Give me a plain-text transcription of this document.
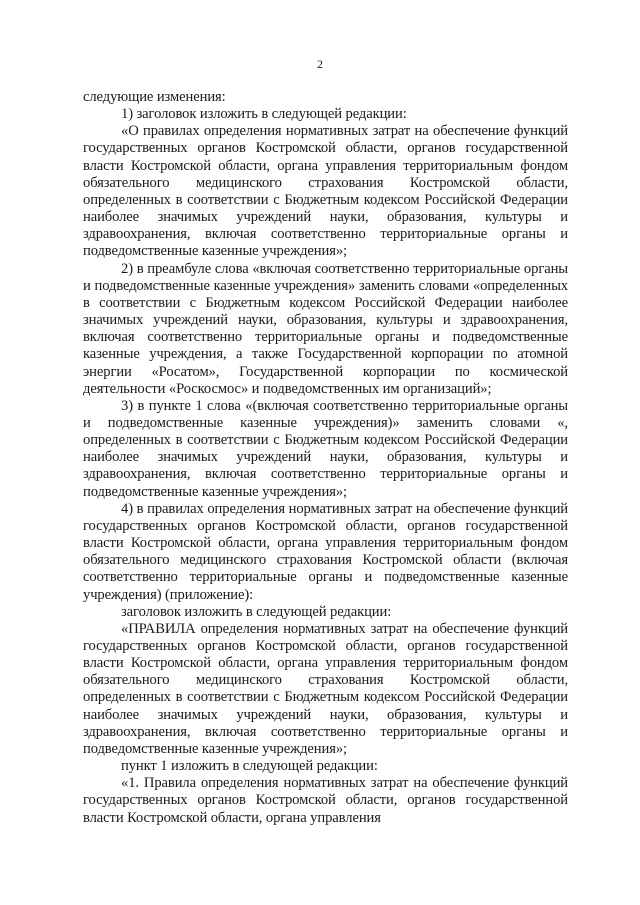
2

следующие изменения:

1) заголовок изложить в следующей редакции:

«О правилах определения нормативных затрат на обеспечение функций государственных органов Костромской области, органов государственной власти Костромской области, органа управления территориальным фондом обязательного медицинского страхования Костромской области, определенных в соответствии с Бюджетным кодексом Российской Федерации наиболее значимых учреждений науки, образования, культуры и здравоохранения, включая соответственно территориальные органы и подведомственные казенные учреждения»;

2) в преамбуле слова «включая соответственно территориальные органы и подведомственные казенные учреждения» заменить словами «определенных в соответствии с Бюджетным кодексом Российской Федерации наиболее значимых учреждений науки, образования, культуры и здравоохранения, включая соответственно территориальные органы и подведомственные казенные учреждения, а также Государственной корпорации по атомной энергии «Росатом», Государственной корпорации по космической деятельности «Роскосмос» и подведомственных им организаций»;

3) в пункте 1 слова «(включая соответственно территориальные органы и подведомственные казенные учреждения)» заменить словами «, определенных в соответствии с Бюджетным кодексом Российской Федерации наиболее значимых учреждений науки, образования, культуры и здравоохранения, включая соответственно территориальные органы и подведомственные казенные учреждения»;

4) в правилах определения нормативных затрат на обеспечение функций государственных органов Костромской области, органов государственной власти Костромской области, органа управления территориальным фондом обязательного медицинского страхования Костромской области (включая соответственно территориальные органы и подведомственные казенные учреждения) (приложение):

заголовок изложить в следующей редакции:

«ПРАВИЛА определения нормативных затрат на обеспечение функций государственных органов Костромской области, органов государственной власти Костромской области, органа управления территориальным фондом обязательного медицинского страхования Костромской области, определенных в соответствии с Бюджетным кодексом Российской Федерации наиболее значимых учреждений науки, образования, культуры и здравоохранения, включая соответственно территориальные органы и подведомственные казенные учреждения»;

пункт 1 изложить в следующей редакции:

«1. Правила определения нормативных затрат на обеспечение функций государственных органов Костромской области, органов государственной власти Костромской области, органа управления
